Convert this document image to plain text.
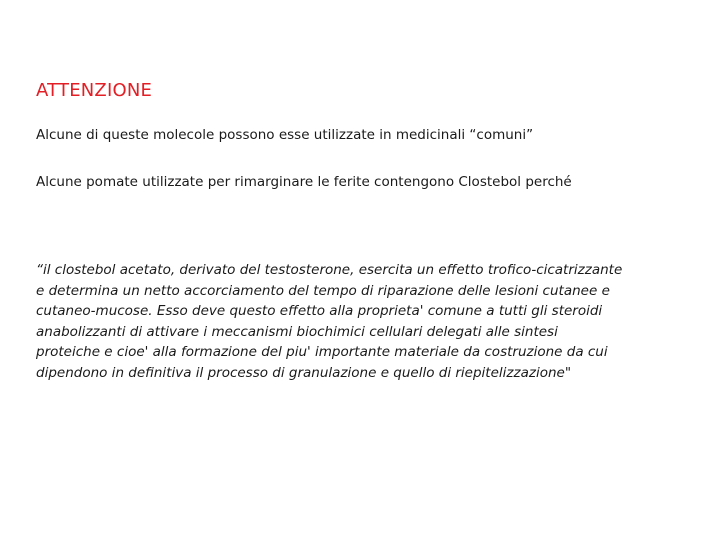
ATTENZIONE

Alcune di queste molecole possono esse utilizzate in medicinali “comuni”

Alcune pomate utilizzate per rimarginare le ferite contengono Clostebol perché

“il clostebol acetato, derivato del testosterone, esercita un effetto trofico-cicatrizzante
e determina un netto accorciamento del tempo di riparazione delle lesioni cutanee e
cutaneo-mucose. Esso deve questo effetto alla proprieta' comune a tutti gli steroidi
anabolizzanti di attivare i meccanismi biochimici cellulari delegati alle sintesi
proteiche e cioe' alla formazione del piu' importante materiale da costruzione da cui
dipendono in definitiva il processo di granulazione e quello di riepitelizzazione"
